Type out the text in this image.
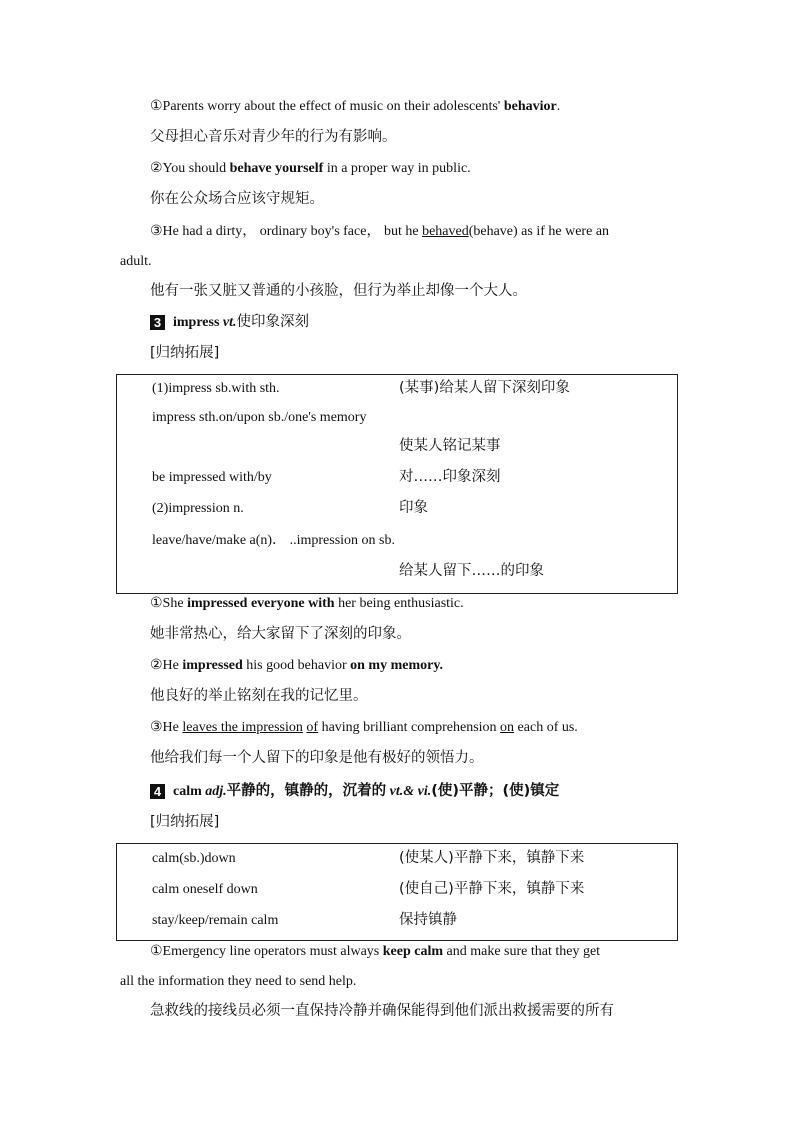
①Parents worry about the effect of music on their adolescents' behavior.
父母担心音乐对青少年的行为有影响。
②You should behave yourself in a proper way in public.
你在公众场合应该守规矩。
③He had a dirty， ordinary boy's face， but he behaved(behave) as if he were an
adult.
他有一张又脏又普通的小孩脸，但行为举止却像一个大人。
3 impress vt.使印象深刻
[归纳拓展]
(1)impress sb.with sth.	(某事)给某人留下深刻印象
impress sth.on/upon sb./one's memory
使某人铭记某事
be impressed with/by	对……印象深刻
(2)impression n.	印象
leave/have/make a(n)． ..impression on sb.
给某人留下……的印象
①She impressed everyone with her being enthusiastic.
她非常热心，给大家留下了深刻的印象。
②He impressed his good behavior on my memory.
他良好的举止铭刻在我的记忆里。
③He leaves the impression of having brilliant comprehension on each of us.
他给我们每一个人留下的印象是他有极好的领悟力。
4 calm adj.平静的，镇静的，沉着的 vt.& vi.(使)平静；(使)镇定
[归纳拓展]
calm(sb.)down	(使某人)平静下来，镇静下来
calm oneself down	(使自己)平静下来，镇静下来
stay/keep/remain calm	保持镇静
①Emergency line operators must always keep calm and make sure that they get
all the information they need to send help.
急救线的接线员必须一直保持冷静并确保能得到他们派出救援需要的所有
